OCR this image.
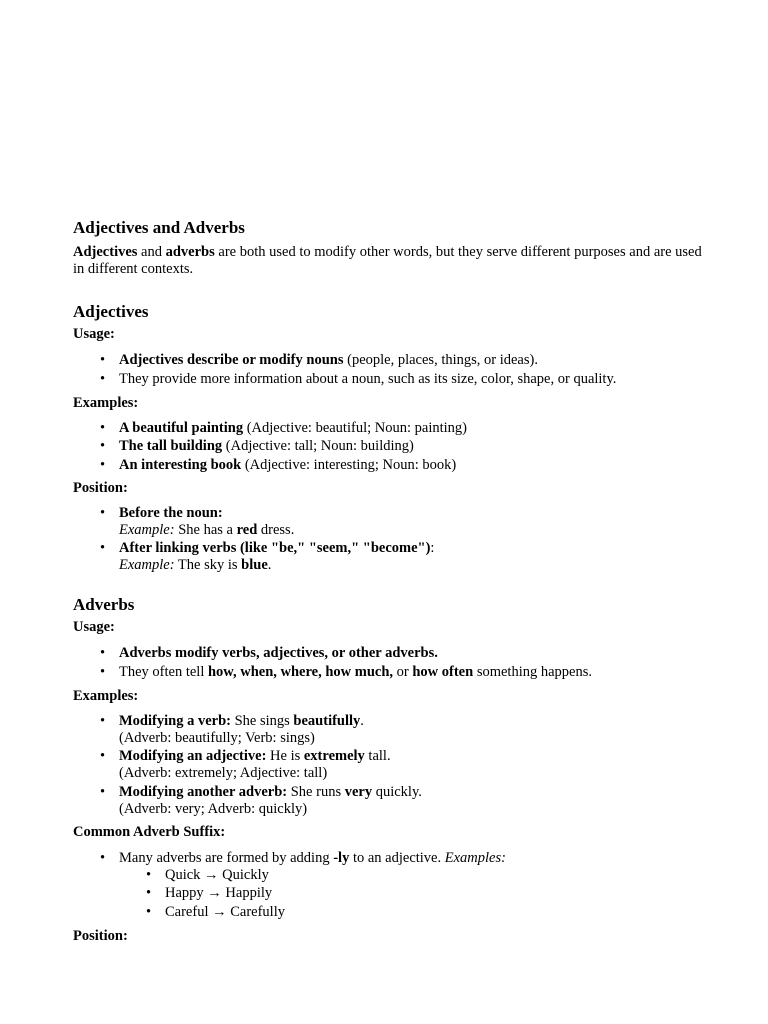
Adjectives and Adverbs

Adjectives and adverbs are both used to modify other words, but they serve different purposes and are used in different contexts.

Adjectives
Usage:
• Adjectives describe or modify nouns (people, places, things, or ideas).
• They provide more information about a noun, such as its size, color, shape, or quality.
Examples:
• A beautiful painting (Adjective: beautiful; Noun: painting)
• The tall building (Adjective: tall; Noun: building)
• An interesting book (Adjective: interesting; Noun: book)
Position:
• Before the noun:
Example: She has a red dress.
• After linking verbs (like "be," "seem," "become"):
Example: The sky is blue.
Adverbs
Usage:
• Adverbs modify verbs, adjectives, or other adverbs.
• They often tell how, when, where, how much, or how often something happens.
Examples:
• Modifying a verb: She sings beautifully.
(Adverb: beautifully; Verb: sings)
• Modifying an adjective: He is extremely tall.
(Adverb: extremely; Adjective: tall)
• Modifying another adverb: She runs very quickly.
(Adverb: very; Adverb: quickly)
Common Adverb Suffix:
• Many adverbs are formed by adding -ly to an adjective. Examples:
• Quick → Quickly
• Happy → Happily
• Careful → Carefully
Position:
